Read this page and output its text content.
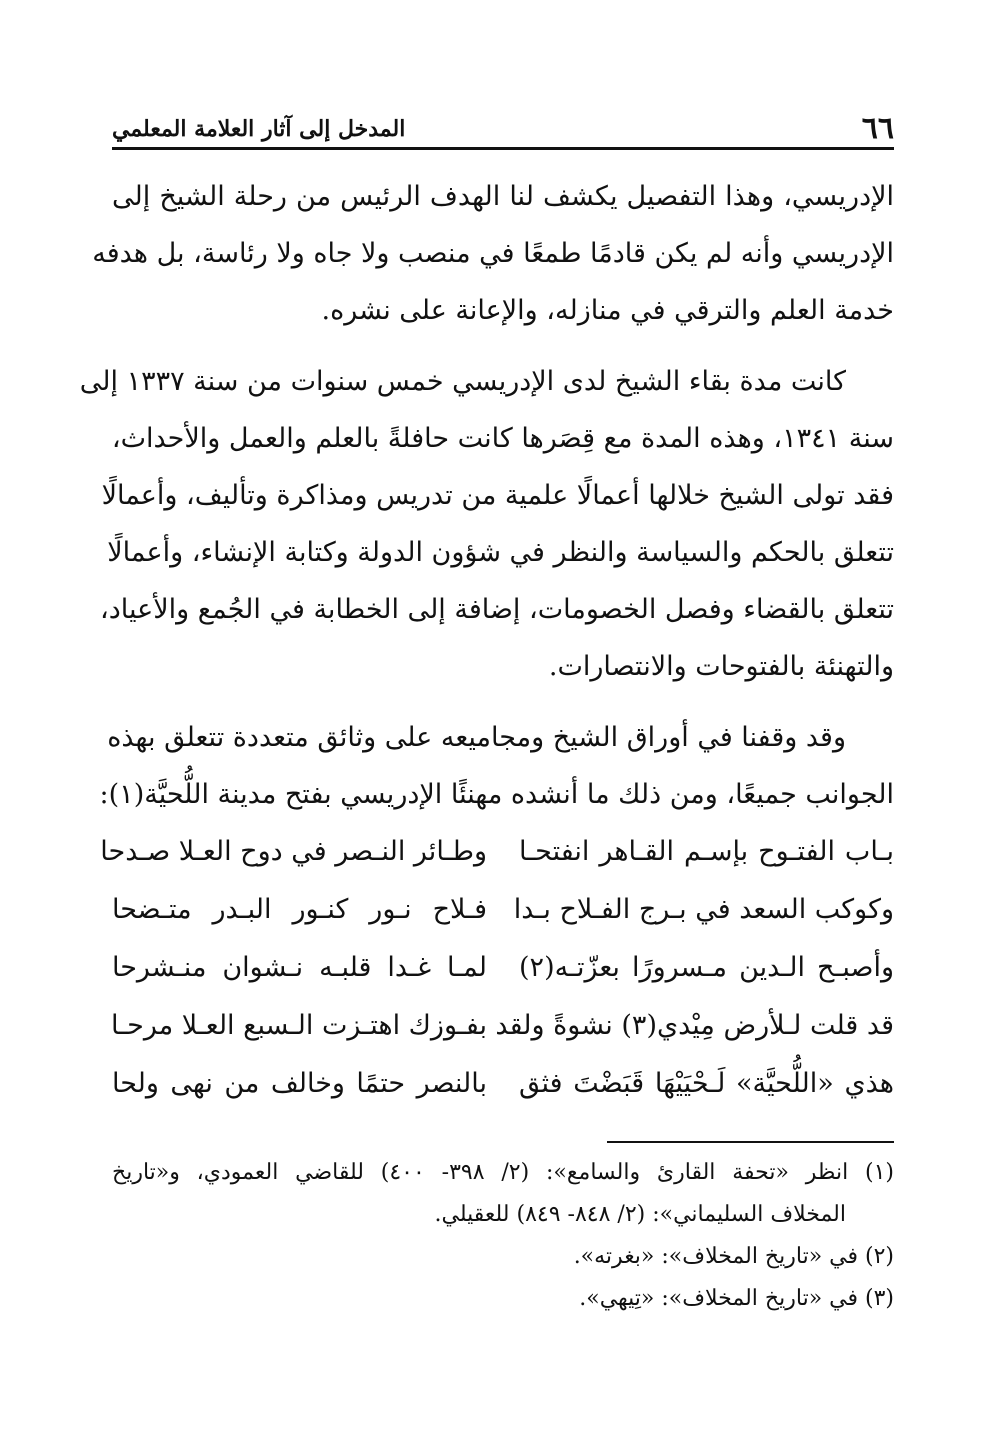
٦٦
المدخل إلى آثار العلامة المعلمي
الإدريسي، وهذا التفصيل يكشف لنا الهدف الرئيس من رحلة الشيخ إلى
الإدريسي وأنه لم يكن قادمًا طمعًا في منصب ولا جاه ولا رئاسة، بل هدفه
خدمة العلم والترقي في منازله، والإعانة على نشره.
كانت مدة بقاء الشيخ لدى الإدريسي خمس سنوات من سنة ١٣٣٧ إلى
سنة ١٣٤١، وهذه المدة مع قِصَرها كانت حافلةً بالعلم والعمل والأحداث،
فقد تولى الشيخ خلالها أعمالًا علمية من تدريس ومذاكرة وتأليف، وأعمالًا
تتعلق بالحكم والسياسة والنظر في شؤون الدولة وكتابة الإنشاء، وأعمالًا
تتعلق بالقضاء وفصل الخصومات، إضافة إلى الخطابة في الجُمع والأعياد،
والتهنئة بالفتوحات والانتصارات.
وقد وقفنا في أوراق الشيخ ومجاميعه على وثائق متعددة تتعلق بهذه
الجوانب جميعًا، ومن ذلك ما أنشده مهنئًا الإدريسي بفتح مدينة اللُّحيَّة(١):
بـاب الفتـوح بإسـم القـاهر انفتحـا
وطـائر النـصر في دوح العـلا صـدحا
وكوكب السعد في بـرج الفـلاح بـدا
فـلاح نـور كنـور البـدر متـضحا
وأصبـح الـدين مـسرورًا بعزّتـه(٢)
لمـا غـدا قلبـه نـشوان منـشرحا
قد قلت لـلأرض مِيْدي(٣) نشوةً ولقد
بفـوزك اهتـزت الـسبع العـلا مرحـا
هذي «اللُّحيَّة» لَـحْيَيْهَا قَبَضْتَ فثق
بالنصر حتمًا وخالف من نهى ولحا
(١) انظر «تحفة القارئ والسامع»: (٢/ ٣٩٨- ٤٠٠) للقاضي العمودي، و«تاريخ
المخلاف السليماني»: (٢/ ٨٤٨- ٨٤٩) للعقيلي.
(٢) في «تاريخ المخلاف»: «بغرته».
(٣) في «تاريخ المخلاف»: «تِيهي».
